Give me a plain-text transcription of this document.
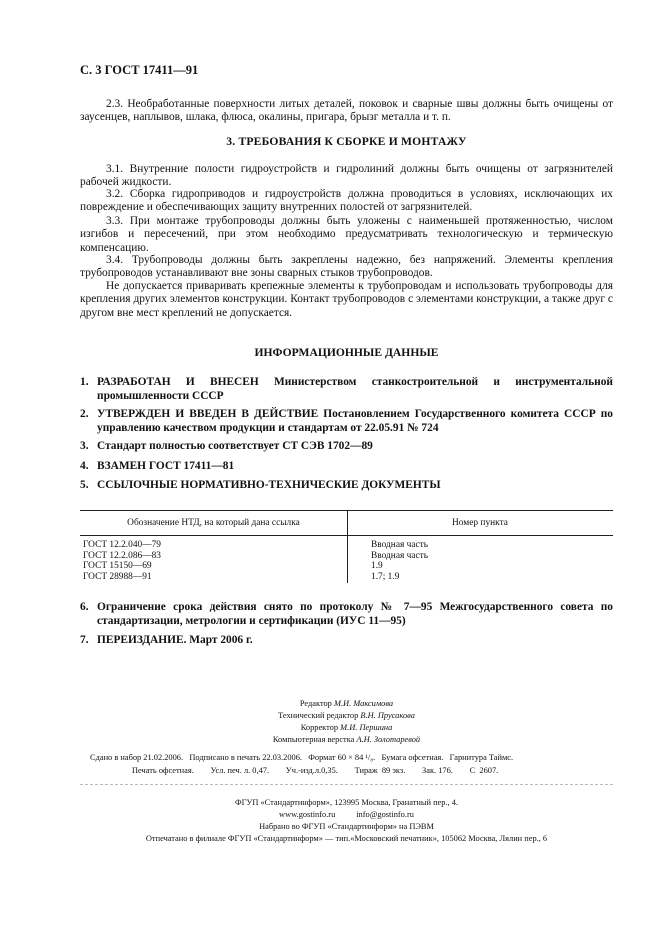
С. 3 ГОСТ 17411—91
2.3. Необработанные поверхности литых деталей, поковок и сварные швы должны быть очищены от заусенцев, наплывов, шлака, флюса, окалины, пригара, брызг металла и т. п.
3. ТРЕБОВАНИЯ К СБОРКЕ И МОНТАЖУ
3.1. Внутренние полости гидроустройств и гидролиний должны быть очищены от загрязнителей рабочей жидкости.
3.2. Сборка гидроприводов и гидроустройств должна проводиться в условиях, исключающих их повреждение и обеспечивающих защиту внутренних полостей от загрязнителей.
3.3. При монтаже трубопроводы должны быть уложены с наименьшей протяженностью, числом изгибов и пересечений, при этом необходимо предусматривать технологическую и термическую компенсацию.
3.4. Трубопроводы должны быть закреплены надежно, без напряжений. Элементы крепления трубопроводов устанавливают вне зоны сварных стыков трубопроводов.
Не допускается приваривать крепежные элементы к трубопроводам и использовать трубопроводы для крепления других элементов конструкции. Контакт трубопроводов с элементами конструкции, а также друг с другом вне мест креплений не допускается.
ИНФОРМАЦИОННЫЕ ДАННЫЕ
1. РАЗРАБОТАН И ВНЕСЕН Министерством станкостроительной и инструментальной промышленности СССР
2. УТВЕРЖДЕН И ВВЕДЕН В ДЕЙСТВИЕ Постановлением Государственного комитета СССР по управлению качеством продукции и стандартам от 22.05.91 № 724
3. Стандарт полностью соответствует СТ СЭВ 1702—89
4. ВЗАМЕН ГОСТ 17411—81
5. ССЫЛОЧНЫЕ НОРМАТИВНО-ТЕХНИЧЕСКИЕ ДОКУМЕНТЫ
Обозначение НТД, на который дана ссылка	Номер пункта
ГОСТ 12.2.040—79	Вводная часть
ГОСТ 12.2.086—83	Вводная часть
ГОСТ 15150—69	1.9
ГОСТ 28988—91	1.7; 1.9
6. Ограничение срока действия снято по протоколу № 7—95 Межгосударственного совета по стандартизации, метрологии и сертификации (ИУС 11—95)
7. ПЕРЕИЗДАНИЕ. Март 2006 г.
Редактор М.И. Максимова
Технический редактор В.Н. Прусакова
Корректор М.И. Першина
Компьютерная верстка А.Н. Золотаревой
Сдано в набор 21.02.2006.   Подписано в печать 22.03.2006.   Формат 60 × 84 ¹/₈.   Бумага офсетная.   Гарнитура Таймс.
Печать офсетная.        Усл. печ. л. 0,47.        Уч.-изд.л.0,35.        Тираж  89 экз.        Зак. 176.        С  2607.
ФГУП «Стандартинформ», 123995 Москва, Гранатный пер., 4.
www.gostinfo.ru          info@gostinfo.ru
Набрано во ФГУП «Стандартинформ» на ПЭВМ
Отпечатано в филиале ФГУП «Стандартинформ» — тип.«Московский печатник», 105062 Москва, Лялин пер., 6
